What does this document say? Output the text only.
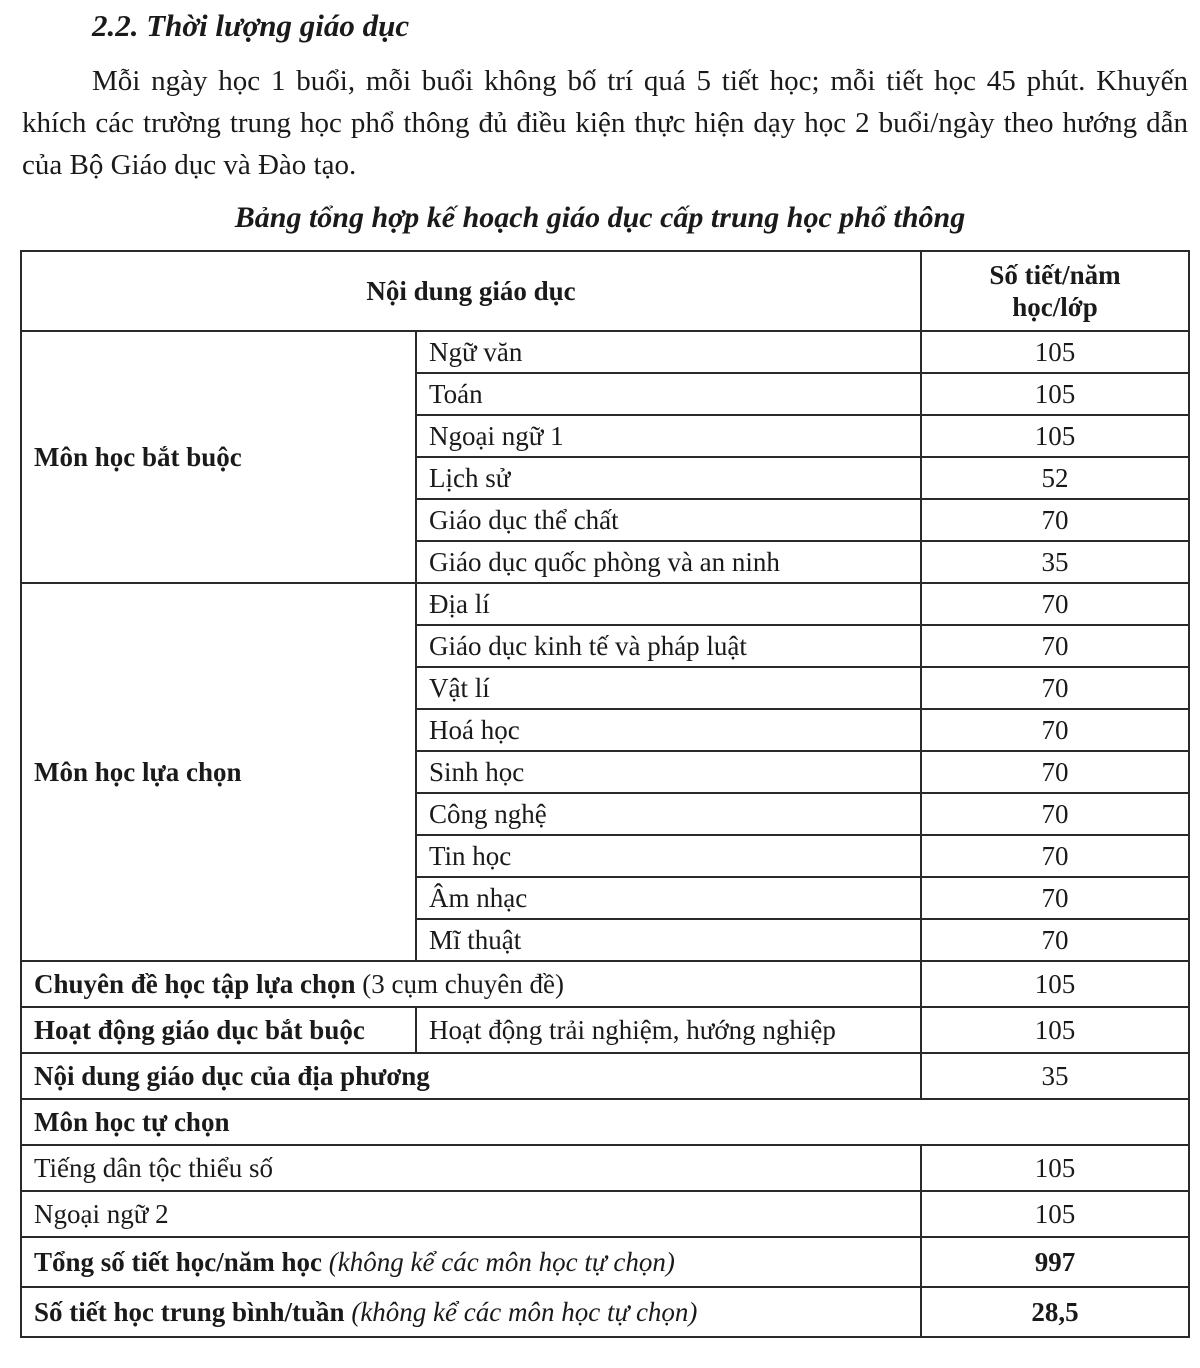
2.2. Thời lượng giáo dục

Mỗi ngày học 1 buổi, mỗi buổi không bố trí quá 5 tiết học; mỗi tiết học 45 phút. Khuyến khích các trường trung học phổ thông đủ điều kiện thực hiện dạy học 2 buổi/ngày theo hướng dẫn của Bộ Giáo dục và Đào tạo.

Bảng tổng hợp kế hoạch giáo dục cấp trung học phổ thông
Nội dung giáo dục		Số tiết/năm
học/lớp
Môn học bắt buộc	Ngữ văn	105
	Toán	105
	Ngoại ngữ 1	105
	Lịch sử	52
	Giáo dục thể chất	70
	Giáo dục quốc phòng và an ninh	35
Môn học lựa chọn	Địa lí	70
	Giáo dục kinh tế và pháp luật	70
	Vật lí	70
	Hoá học	70
	Sinh học	70
	Công nghệ	70
	Tin học	70
	Âm nhạc	70
	Mĩ thuật	70
Chuyên đề học tập lựa chọn (3 cụm chuyên đề)		105
Hoạt động giáo dục bắt buộc	Hoạt động trải nghiệm, hướng nghiệp	105
Nội dung giáo dục của địa phương		35
Môn học tự chọn		
Tiếng dân tộc thiểu số		105
Ngoại ngữ 2		105
Tổng số tiết học/năm học (không kể các môn học tự chọn)		997
Số tiết học trung bình/tuần (không kể các môn học tự chọn)		28,5
